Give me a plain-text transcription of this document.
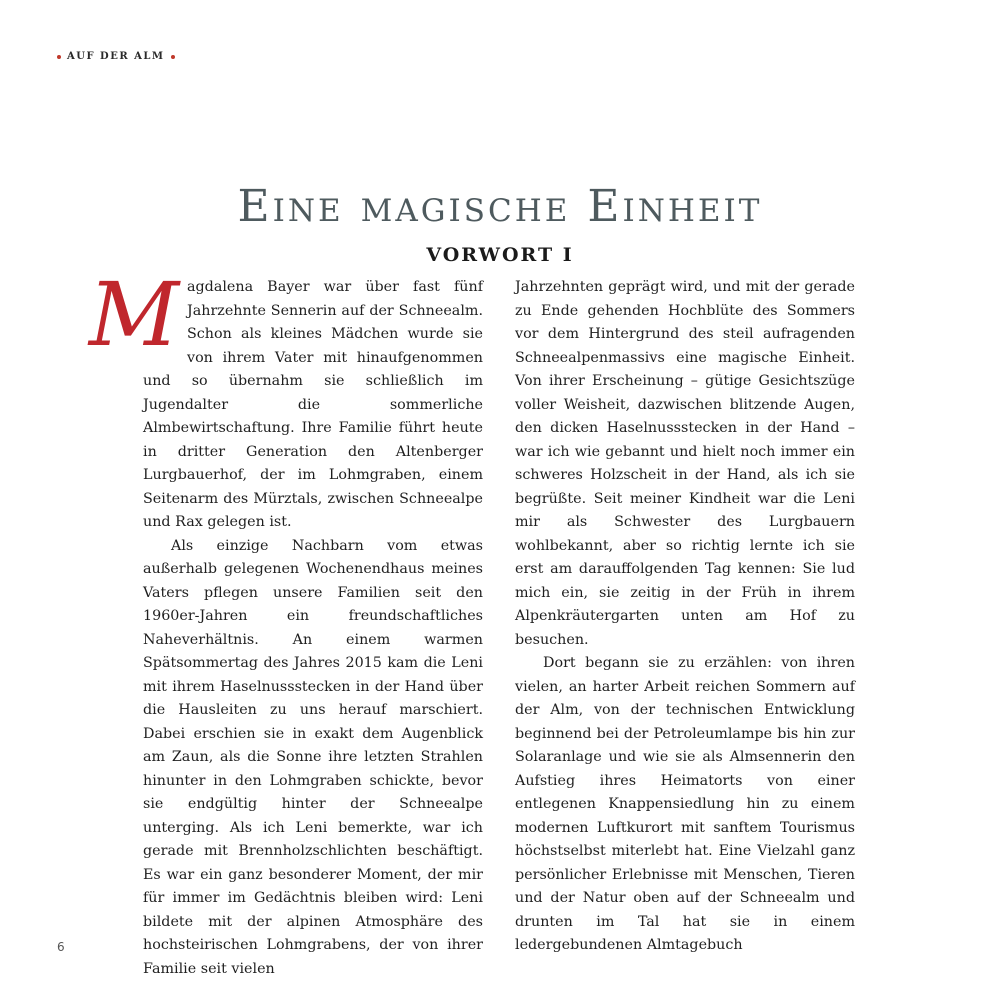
AUF DER ALM
Eine magische Einheit
VORWORT I

Magdalena Bayer war über fast fünf Jahrzehnte Sennerin auf der Schneealm. Schon als kleines Mädchen wurde sie von ihrem Vater mit hinaufgenommen und so übernahm sie schließlich im Jugendalter die sommerliche Almbewirtschaftung. Ihre Familie führt heute in dritter Generation den Altenberger Lurgbauerhof, der im Lohmgraben, einem Seitenarm des Mürztals, zwischen Schneealpe und Rax gelegen ist.

Als einzige Nachbarn vom etwas außerhalb gelegenen Wochenendhaus meines Vaters pflegen unsere Familien seit den 1960er-Jahren ein freundschaftliches Naheverhältnis. An einem warmen Spätsommertag des Jahres 2015 kam die Leni mit ihrem Haselnussstecken in der Hand über die Hausleiten zu uns herauf marschiert. Dabei erschien sie in exakt dem Augenblick am Zaun, als die Sonne ihre letzten Strahlen hinunter in den Lohmgraben schickte, bevor sie endgültig hinter der Schneealpe unterging. Als ich Leni bemerkte, war ich gerade mit Brennholzschlichten beschäftigt. Es war ein ganz besonderer Moment, der mir für immer im Gedächtnis bleiben wird: Leni bildete mit der alpinen Atmosphäre des hochsteirischen Lohmgrabens, der von ihrer Familie seit vielen

Jahrzehnten geprägt wird, und mit der gerade zu Ende gehenden Hochblüte des Sommers vor dem Hintergrund des steil aufragenden Schneealpenmassivs eine magische Einheit. Von ihrer Erscheinung – gütige Gesichtszüge voller Weisheit, dazwischen blitzende Augen, den dicken Haselnussstecken in der Hand – war ich wie gebannt und hielt noch immer ein schweres Holzscheit in der Hand, als ich sie begrüßte. Seit meiner Kindheit war die Leni mir als Schwester des Lurgbauern wohlbekannt, aber so richtig lernte ich sie erst am darauffolgenden Tag kennen: Sie lud mich ein, sie zeitig in der Früh in ihrem Alpenkräutergarten unten am Hof zu besuchen.

Dort begann sie zu erzählen: von ihren vielen, an harter Arbeit reichen Sommern auf der Alm, von der technischen Entwicklung beginnend bei der Petroleumlampe bis hin zur Solaranlage und wie sie als Almsennerin den Aufstieg ihres Heimatorts von einer entlegenen Knappensiedlung hin zu einem modernen Luftkurort mit sanftem Tourismus höchstselbst miterlebt hat. Eine Vielzahl ganz persönlicher Erlebnisse mit Menschen, Tieren und der Natur oben auf der Schneealm und drunten im Tal hat sie in einem ledergebundenen Almtagebuch

6
